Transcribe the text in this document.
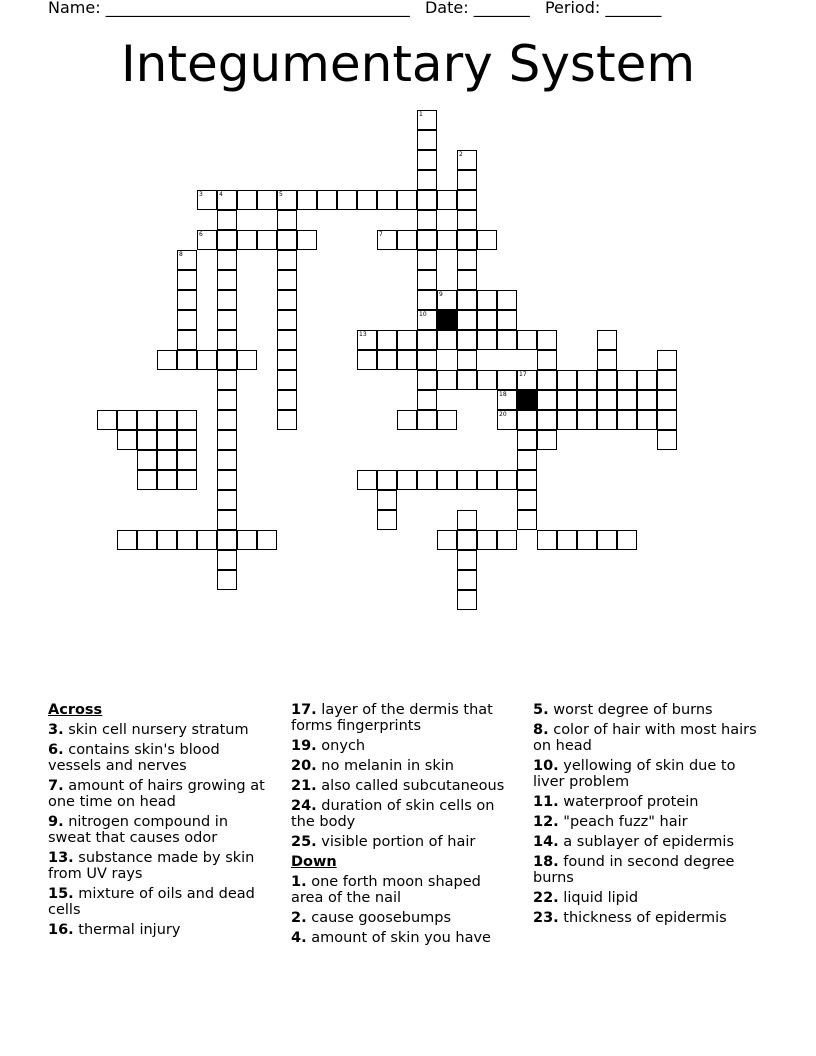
Name: ______________________________________ Date: _______ Period: _______
Integumentary System
3	4	5
6	7
8
1
2
9
10
13
17
18
20
Across
3. skin cell nursery stratum
6. contains skin's blood vessels and nerves
7. amount of hairs growing at one time on head
9. nitrogen compound in sweat that causes odor
13. substance made by skin from UV rays
15. mixture of oils and dead cells
16. thermal injury
17. layer of the dermis that forms fingerprints
19. onych
20. no melanin in skin
21. also called subcutaneous
24. duration of skin cells on the body
25. visible portion of hair
Down
1. one forth moon shaped area of the nail
2. cause goosebumps
4. amount of skin you have
5. worst degree of burns
8. color of hair with most hairs on head
10. yellowing of skin due to liver problem
11. waterproof protein
12. "peach fuzz" hair
14. a sublayer of epidermis
18. found in second degree burns
22. liquid lipid
23. thickness of epidermis
